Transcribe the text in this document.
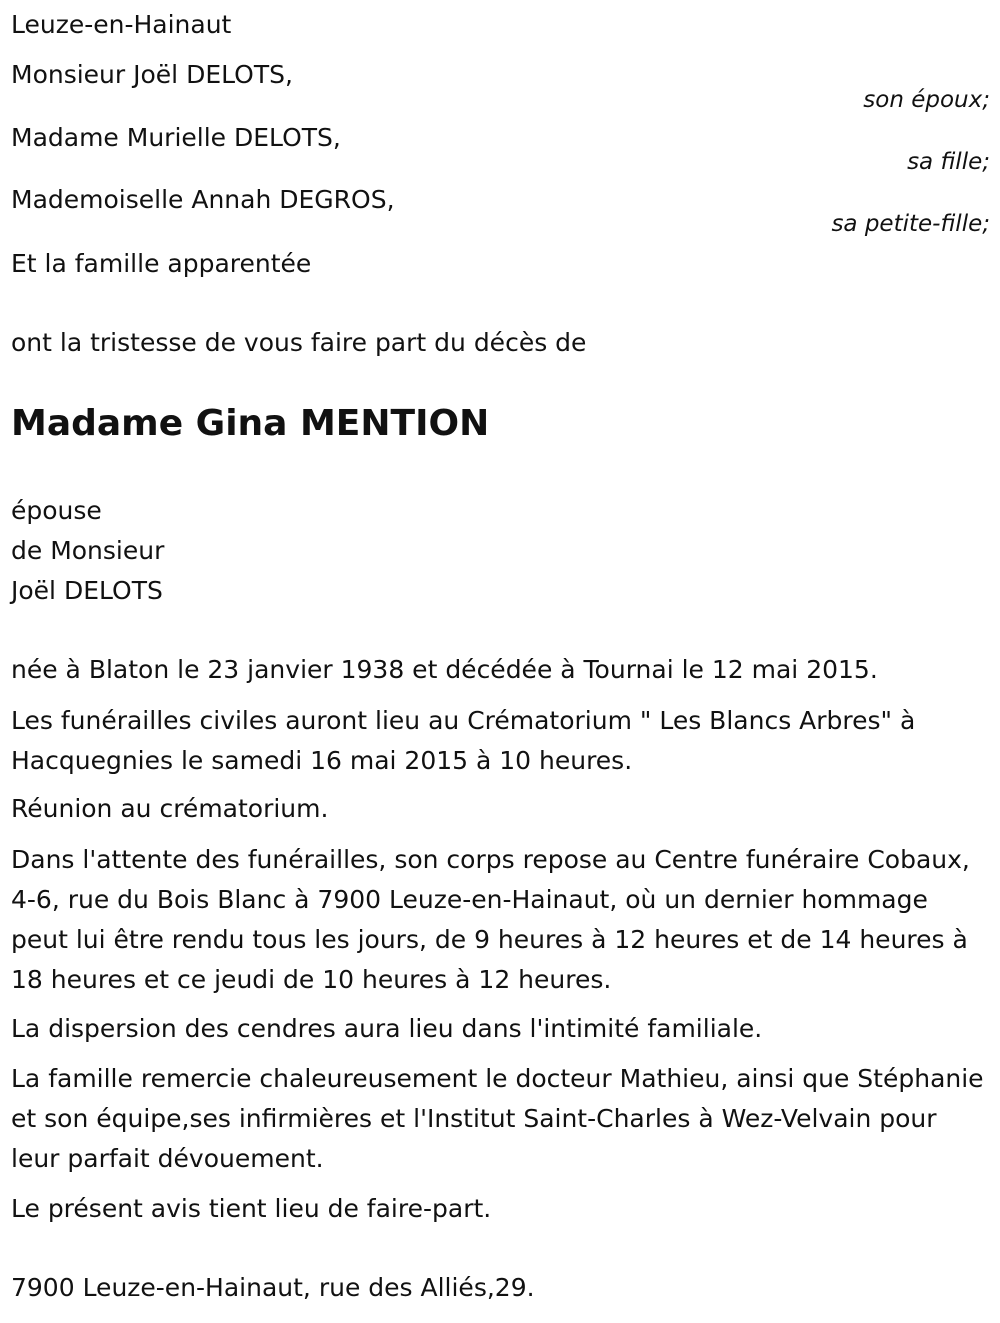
Leuze-en-Hainaut
Monsieur Joël DELOTS,
son époux;
Madame Murielle DELOTS,
sa fille;
Mademoiselle Annah DEGROS,
sa petite-fille;
Et la famille apparentée
ont la tristesse de vous faire part du décès de
Madame Gina MENTION
épouse
de Monsieur
Joël DELOTS
née à Blaton le 23 janvier 1938 et décédée à Tournai le 12 mai 2015.
Les funérailles civiles auront lieu au Crématorium " Les Blancs Arbres" à Hacquegnies le samedi 16 mai 2015 à 10 heures.
Réunion au crématorium.
Dans l'attente des funérailles, son corps repose au Centre funéraire Cobaux, 4-6, rue du Bois Blanc à 7900 Leuze-en-Hainaut, où un dernier hommage peut lui être rendu tous les jours, de 9 heures à 12 heures et de 14 heures à 18 heures et ce jeudi de 10 heures à 12 heures.
La dispersion des cendres aura lieu dans l'intimité familiale.
La famille remercie chaleureusement le docteur Mathieu, ainsi que Stéphanie et son équipe,ses infirmières et l'Institut Saint-Charles à Wez-Velvain pour leur parfait dévouement.
Le présent avis tient lieu de faire-part.
7900 Leuze-en-Hainaut, rue des Alliés,29.
